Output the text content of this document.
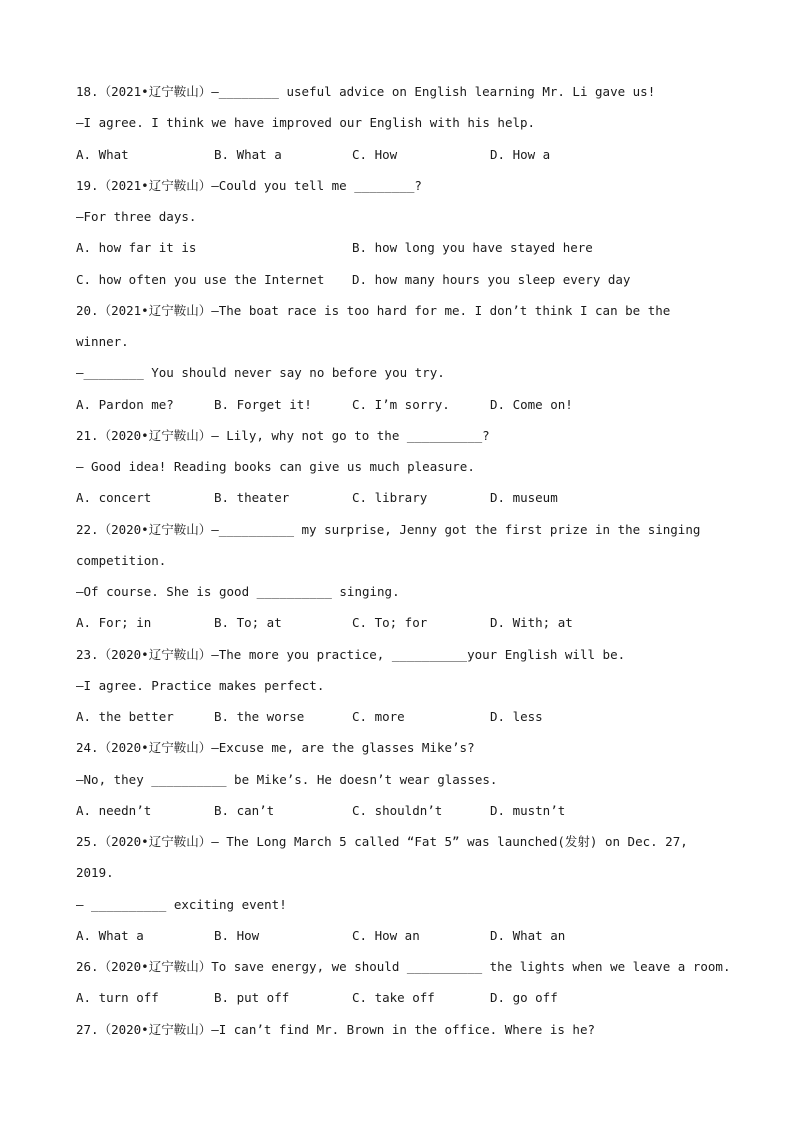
18.（2021•辽宁鞍山）—________ useful advice on English learning Mr. Li gave us!
—I agree. I think we have improved our English with his help.
A. What	B. What a	C. How	D. How a
19.（2021•辽宁鞍山）—Could you tell me ________?
—For three days.
A. how far it is	B. how long you have stayed here
C. how often you use the Internet D. how many hours you sleep every day
20.（2021•辽宁鞍山）—The boat race is too hard for me. I don’t think I can be the
winner.
—________ You should never say no before you try.
A. Pardon me?	B. Forget it!	C. I’m sorry.	D. Come on!
21.（2020•辽宁鞍山）— Lily, why not go to the __________?
— Good idea! Reading books can give us much pleasure.
A. concert	B. theater	C. library	D. museum
22.（2020•辽宁鞍山）—__________ my surprise, Jenny got the first prize in the singing
competition.
—Of course. She is good __________ singing.
A. For; in	B. To; at	C. To; for	D. With; at
23.（2020•辽宁鞍山）—The more you practice, __________your English will be.
—I agree. Practice makes perfect.
A. the better	B. the worse	C. more	D. less
24.（2020•辽宁鞍山）—Excuse me, are the glasses Mike’s?
—No, they __________ be Mike’s. He doesn’t wear glasses.
A. needn’t	B. can’t	C. shouldn’t	D. mustn’t
25.（2020•辽宁鞍山）— The Long March 5 called “Fat 5” was launched(发射) on Dec. 27,
2019.
— __________ exciting event!
A. What a	B. How	C. How an	D. What an
26.（2020•辽宁鞍山）To save energy, we should __________ the lights when we leave a room.
A. turn off	B. put off	C. take off	D. go off
27.（2020•辽宁鞍山）—I can’t find Mr. Brown in the office. Where is he?
